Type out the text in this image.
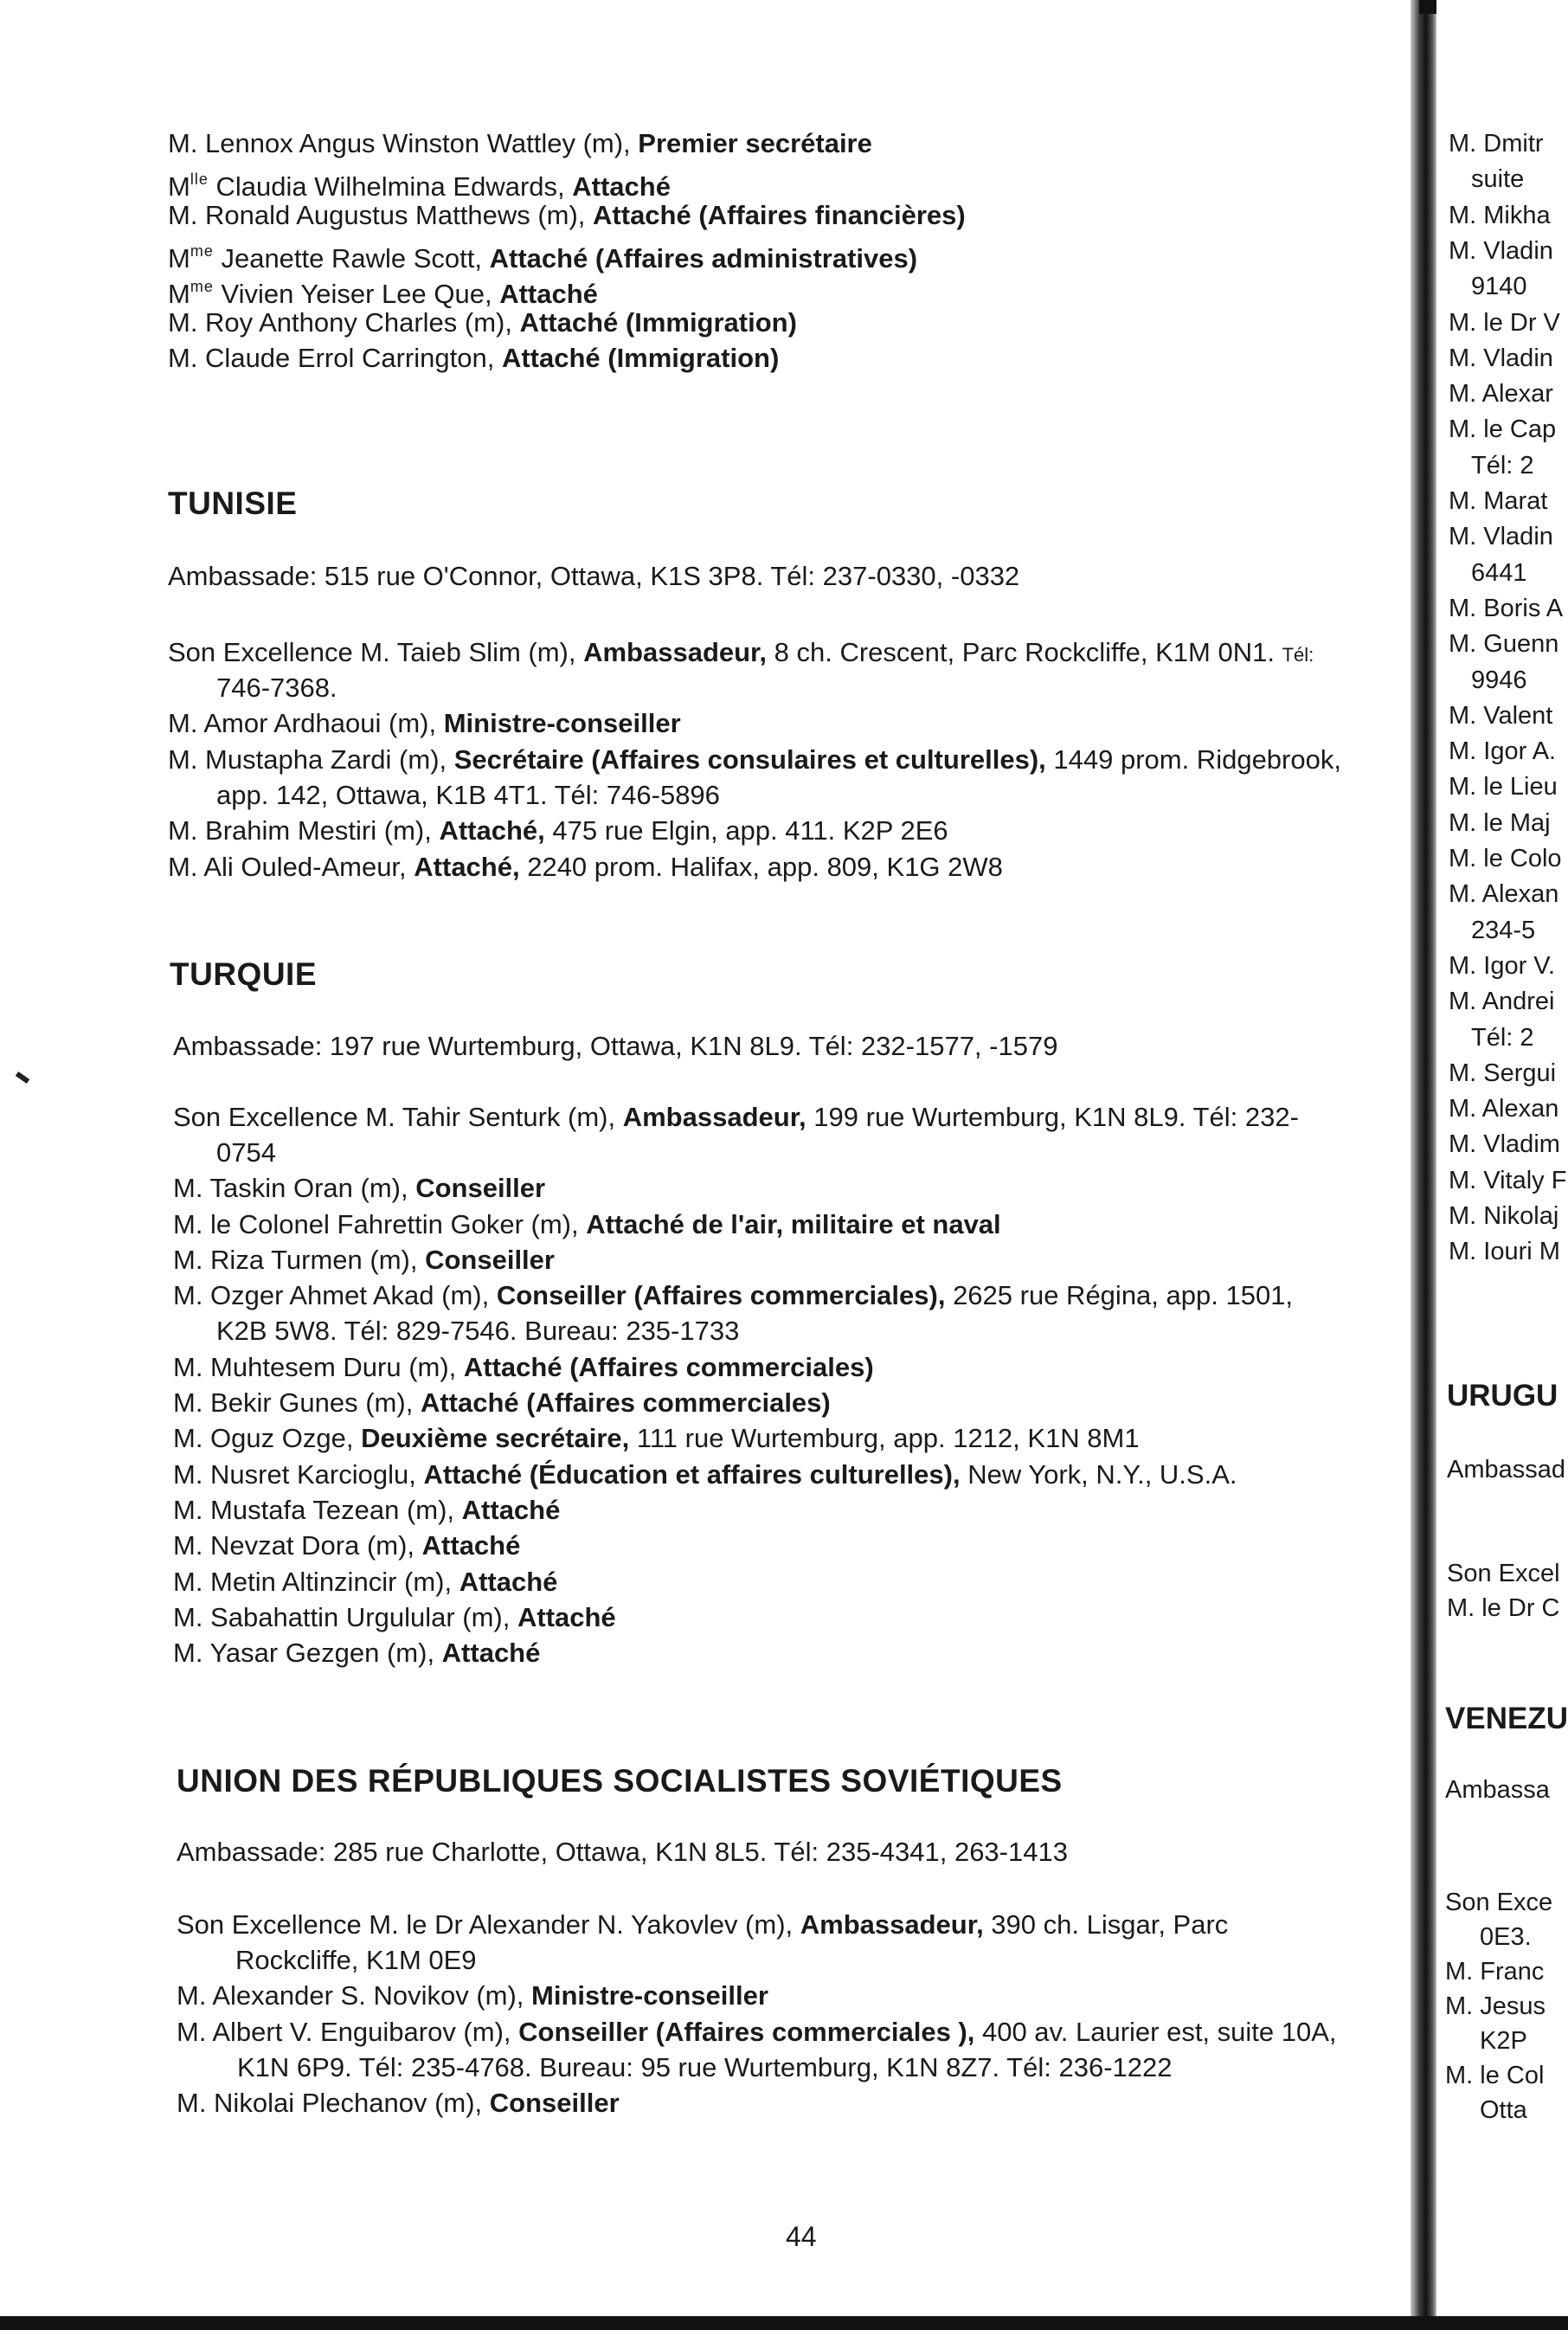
M. Lennox Angus Winston Wattley (m), Premier secrétaire
$M^{lle}$ Claudia Wilhelmina Edwards, Attaché
M. Ronald Augustus Matthews (m), Attaché (Affaires financières)
$M^{me}$ Jeanette Rawle Scott, Attaché (Affaires administratives)
$M^{me}$ Vivien Yeiser Lee Que, Attaché
M. Roy Anthony Charles (m), Attaché (Immigration)
M. Claude Errol Carrington, Attaché (Immigration)
TUNISIE
Ambassade: 515 rue O'Connor, Ottawa, K1S 3P8. Tél: 237-0330, -0332
Son Excellence M. Taieb Slim (m), Ambassadeur, 8 ch. Crescent, Parc Rockcliffe, K1M 0N1. Tél:
746-7368.
M. Amor Ardhaoui (m), Ministre-conseiller
M. Mustapha Zardi (m), Secrétaire (Affaires consulaires et culturelles), 1449 prom. Ridgebrook,
app. 142, Ottawa, K1B 4T1. Tél: 746-5896
M. Brahim Mestiri (m), Attaché, 475 rue Elgin, app. 411. K2P 2E6
M. Ali Ouled-Ameur, Attaché, 2240 prom. Halifax, app. 809, K1G 2W8
TURQUIE
Ambassade: 197 rue Wurtemburg, Ottawa, K1N 8L9. Tél: 232-1577, -1579
Son Excellence M. Tahir Senturk (m), Ambassadeur, 199 rue Wurtemburg, K1N 8L9. Tél: 232-
0754
M. Taskin Oran (m), Conseiller
M. le Colonel Fahrettin Goker (m), Attaché de l'air, militaire et naval
M. Riza Turmen (m), Conseiller
M. Ozger Ahmet Akad (m), Conseiller (Affaires commerciales), 2625 rue Régina, app. 1501,
K2B 5W8. Tél: 829-7546. Bureau: 235-1733
M. Muhtesem Duru (m), Attaché (Affaires commerciales)
M. Bekir Gunes (m), Attaché (Affaires commerciales)
M. Oguz Ozge, Deuxième secrétaire, 111 rue Wurtemburg, app. 1212, K1N 8M1
M. Nusret Karcioglu, Attaché (Éducation et affaires culturelles), New York, N.Y., U.S.A.
M. Mustafa Tezean (m), Attaché
M. Nevzat Dora (m), Attaché
M. Metin Altinzincir (m), Attaché
M. Sabahattin Urgulular (m), Attaché
M. Yasar Gezgen (m), Attaché
UNION DES RÉPUBLIQUES SOCIALISTES SOVIÉTIQUES
Ambassade: 285 rue Charlotte, Ottawa, K1N 8L5. Tél: 235-4341, 263-1413
Son Excellence M. le Dr Alexander N. Yakovlev (m), Ambassadeur, 390 ch. Lisgar, Parc
Rockcliffe, K1M 0E9
M. Alexander S. Novikov (m), Ministre-conseiller
M. Albert V. Enguibarov (m), Conseiller (Affaires commerciales ), 400 av. Laurier est, suite 10A,
K1N 6P9. Tél: 235-4768. Bureau: 95 rue Wurtemburg, K1N 8Z7. Tél: 236-1222
M. Nikolai Plechanov (m), Conseiller
44
M. Dmitr
suite
M. Mikha
M. Vladin
9140
M. le Dr V
M. Vladin
M. Alexar
M. le Cap
Tél: 2
M. Marat
M. Vladin
6441
M. Boris A
M. Guenn
9946
M. Valent
M. Igor A.
M. le Lieu
M. le Maj
M. le Colo
M. Alexan
234-5
M. Igor V.
M. Andrei
Tél: 2
M. Sergui
M. Alexan
M. Vladim
M. Vitaly F
M. Nikolaj
M. Iouri M
URUGU
Ambassad
Son Excel
M. le Dr C
VENEZU
Ambassa
Son Exce
0E3.
M. Franc
M. Jesus
K2P
M. le Col
Otta
